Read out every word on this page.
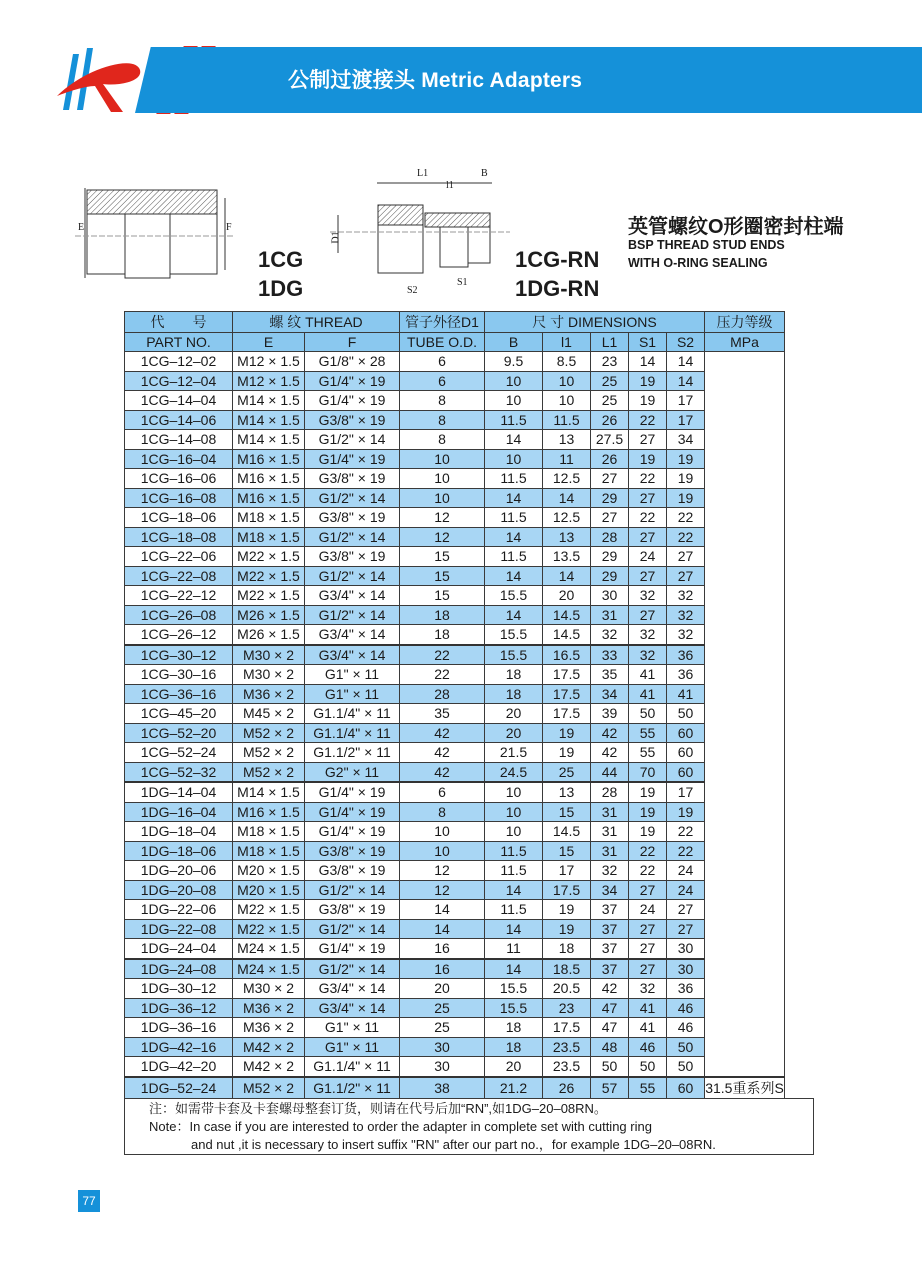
公制过渡接头 Metric Adapters
E	F
1CG
1DG
L1
l1
B
D1
S2
S1
1CG-RN
1DG-RN
英管螺纹O形圈密封柱端
BSP THREAD STUD ENDS
WITH O-RING SEALING
代　　号	螺 纹 THREAD		管子外径D1	尺 寸 DIMENSIONS					压力等级
PART NO.	E	F	TUBE O.D.	B	l1	L1	S1	S2	MPa
1CG–12–02	M12 × 1.5	G1/8" × 28	6	9.5	8.5	23	14	14	
1CG–12–04	M12 × 1.5	G1/4" × 19	6	10	10	25	19	14	
1CG–14–04	M14 × 1.5	G1/4" × 19	8	10	10	25	19	17	
1CG–14–06	M14 × 1.5	G3/8" × 19	8	11.5	11.5	26	22	17	
1CG–14–08	M14 × 1.5	G1/2" × 14	8	14	13	27.5	27	34	
1CG–16–04	M16 × 1.5	G1/4" × 19	10	10	11	26	19	19	
1CG–16–06	M16 × 1.5	G3/8" × 19	10	11.5	12.5	27	22	19	
1CG–16–08	M16 × 1.5	G1/2" × 14	10	14	14	29	27	19	
1CG–18–06	M18 × 1.5	G3/8" × 19	12	11.5	12.5	27	22	22	
1CG–18–08	M18 × 1.5	G1/2" × 14	12	14	13	28	27	22	
1CG–22–06	M22 × 1.5	G3/8" × 19	15	11.5	13.5	29	24	27	
1CG–22–08	M22 × 1.5	G1/2" × 14	15	14	14	29	27	27	
1CG–22–12	M22 × 1.5	G3/4" × 14	15	15.5	20	30	32	32	
1CG–26–08	M26 × 1.5	G1/2" × 14	18	14	14.5	31	27	32	
1CG–26–12	M26 × 1.5	G3/4" × 14	18	15.5	14.5	32	32	32	
1CG–30–12	M30 × 2	G3/4" × 14	22	15.5	16.5	33	32	36	
1CG–30–16	M30 × 2	G1" × 11	22	18	17.5	35	41	36	
1CG–36–16	M36 × 2	G1" × 11	28	18	17.5	34	41	41	
1CG–45–20	M45 × 2	G1.1/4" × 11	35	20	17.5	39	50	50	
1CG–52–20	M52 × 2	G1.1/4" × 11	42	20	19	42	55	60	
1CG–52–24	M52 × 2	G1.1/2" × 11	42	21.5	19	42	55	60	
1CG–52–32	M52 × 2	G2" × 11	42	24.5	25	44	70	60	
1DG–14–04	M14 × 1.5	G1/4" × 19	6	10	13	28	19	17	
1DG–16–04	M16 × 1.5	G1/4" × 19	8	10	15	31	19	19	
1DG–18–04	M18 × 1.5	G1/4" × 19	10	10	14.5	31	19	22	
1DG–18–06	M18 × 1.5	G3/8" × 19	10	11.5	15	31	22	22	
1DG–20–06	M20 × 1.5	G3/8" × 19	12	11.5	17	32	22	24	
1DG–20–08	M20 × 1.5	G1/2" × 14	12	14	17.5	34	27	24	
1DG–22–06	M22 × 1.5	G3/8" × 19	14	11.5	19	37	24	27	
1DG–22–08	M22 × 1.5	G1/2" × 14	14	14	19	37	27	27	
1DG–24–04	M24 × 1.5	G1/4" × 19	16	11	18	37	27	30	
1DG–24–08	M24 × 1.5	G1/2" × 14	16	14	18.5	37	27	30	
1DG–30–12	M30 × 2	G3/4" × 14	20	15.5	20.5	42	32	36	
1DG–36–12	M36 × 2	G3/4" × 14	25	15.5	23	47	41	46	
1DG–36–16	M36 × 2	G1" × 11	25	18	17.5	47	41	46	
1DG–42–16	M42 × 2	G1" × 11	30	18	23.5	48	46	50	
1DG–42–20	M42 × 2	G1.1/4" × 11	30	20	23.5	50	50	50	
1DG–52–24	M52 × 2	G1.1/2" × 11	38	21.2	26	57	55	60	31.5重系列S
注：如需带卡套及卡套螺母整套订货，则请在代号后加“RN”,如1DG–20–08RN。
Note：In case if you are interested to order the adapter in complete set with cutting ring
and nut ,it is necessary to insert suffix "RN" after our part no.，for example 1DG–20–08RN.
77
